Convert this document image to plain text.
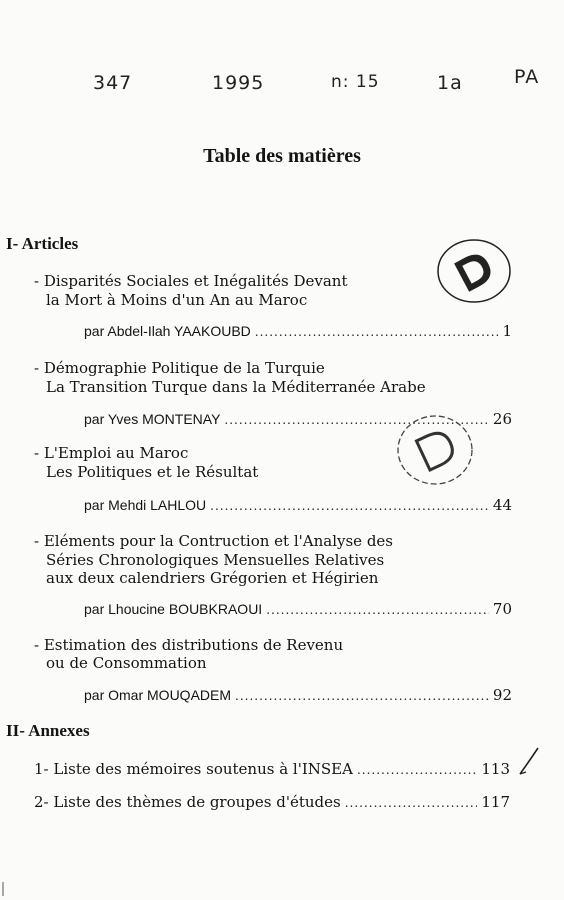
347	1995	n: 15	1a	PA
Table des matières
I- Articles
- Disparités Sociales et Inégalités Devant
la Mort à Moins d'un An au Maroc
par Abdel-Ilah YAAKOUBD .....	1
- Démographie Politique de la Turquie
La Transition Turque dans la Méditerranée Arabe
par Yves MONTENAY .....	26
- L'Emploi au Maroc
Les Politiques et le Résultat
par Mehdi LAHLOU .....	44
- Eléments pour la Contruction et l'Analyse des
Séries Chronologiques Mensuelles Relatives
aux deux calendriers Grégorien et Hégirien
par Lhoucine BOUBKRAOUI .....	70
- Estimation des distributions de Revenu
ou de Consommation
par Omar MOUQADEM .....	92
II- Annexes
1- Liste des mémoires soutenus à l'INSEA .....	113
2- Liste des thèmes de groupes d'études .....	117
